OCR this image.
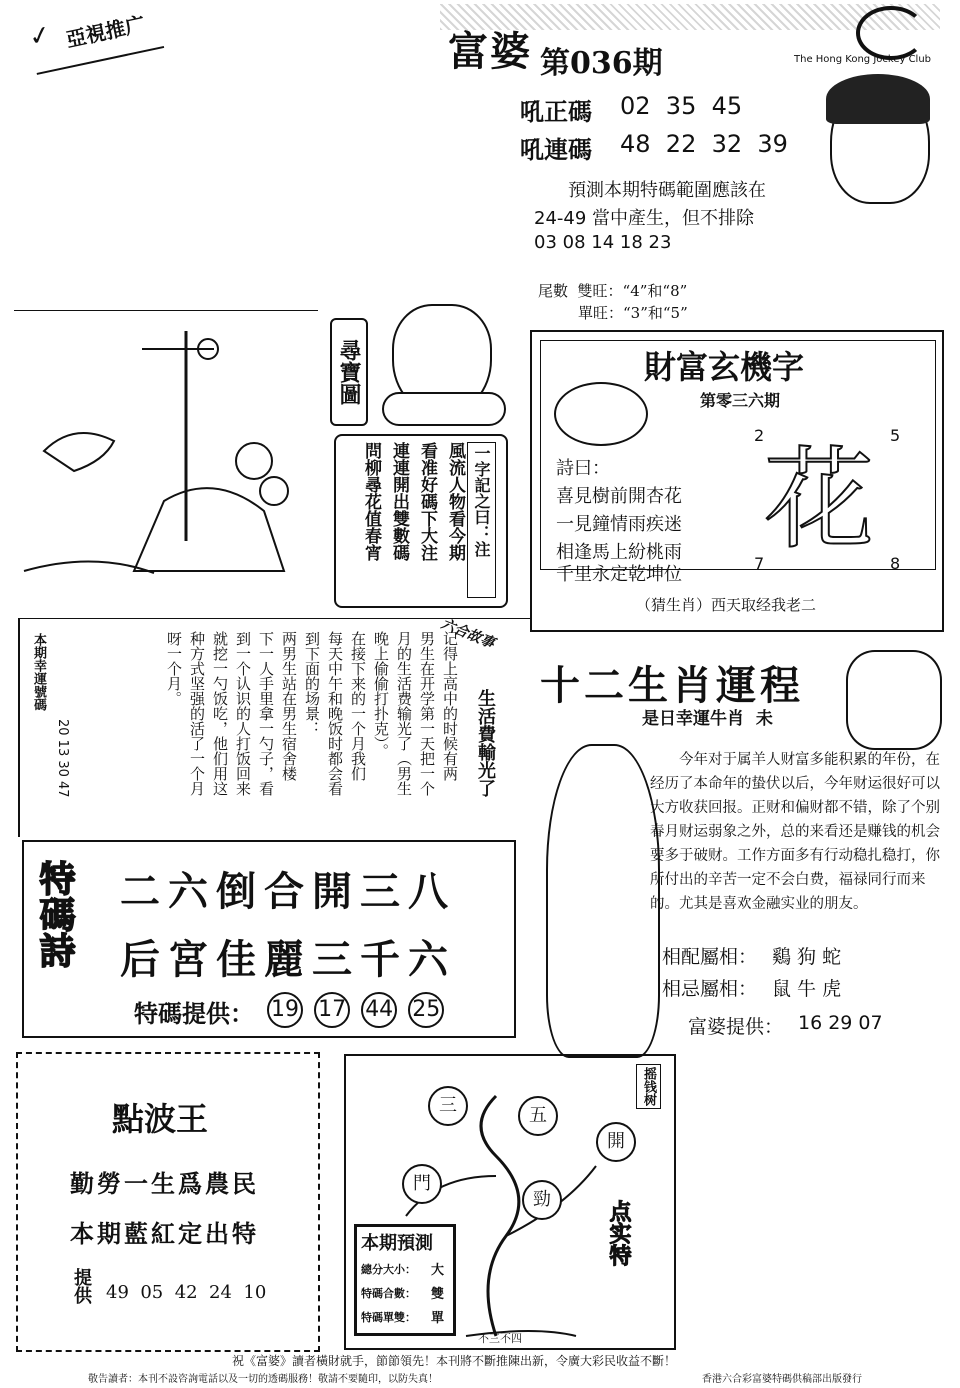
✓ 亞視推广	富婆 第036期	The Hong Kong Jockey Club
吼正碼 02  35  45
吼連碼 48  22  32  39
預測本期特碼範圍應該在
24-49 當中產生，但不排除
03 08 14 18 23
尾數  雙旺：“4”和“8”
單旺：“3”和“5”
尋寶圖
一字記之曰：注
風流人物看今期
看准好碼下大注
連連開出雙數碼
問柳尋花值春宵
財富玄機字
第零三六期
詩曰：
喜見樹前開杏花
一見鐘情雨疾迷
相逢馬上紛桃雨
千里永定乾坤位
花
2	5
7	8
（猜生肖）西天取经我老二
本期幸運號碼
20 13 30 47	生活費輸光了
六合故事
记得上高中的时候有两
男生在开学第一天把一个
月的生活费输光了（男生
晚上偷偷打扑克）。
在接下来的一个月我们
每天中午和晚饭时都会看
到下面的场景：
两男生站在男生宿舍楼
下一人手里拿一勺子，看
到一个认识的人打饭回来
就挖一勺饭吃，他们用这
种方式坚强的活了一个月
呀一个月。	十二生肖運程
是日幸運牛肖  未
今年对于属羊人财富多能积累的年份，在经历了本命年的蛰伏以后，今年财运很好可以大方收获回报。正财和偏财都不错，除了个别春月财运弱象之外，总的来看还是赚钱的机会要多于破财。工作方面多有行动稳扎稳打，你所付出的辛苦一定不会白费，福禄同行而来的。尤其是喜欢金融实业的朋友。
相配屬相： 鷄 狗 蛇
相忌屬相： 鼠 牛 虎
富婆提供： 16 29 07
特碼詩 二六倒合開三八
后宮佳麗三千六
特碼提供： 19 17 44 25
點波王
勤勞一生爲農民
本期藍紅定出特
提供 49  05  42  24  10
摇钱树
三	五
開
門
勁
点实特
不三不四
本期預測
總分大小： 大
特碼合數： 雙
特碼單雙： 單
祝《富婆》讀者橫財就手，節節領先！本刊將不斷推陳出新，令廣大彩民收益不斷！
敬告讀者：本刊不設咨詢電話以及一切的透碼服務！敬請不要隨印，以防失真！	香港六合彩富婆特碼供稿部出版發行
